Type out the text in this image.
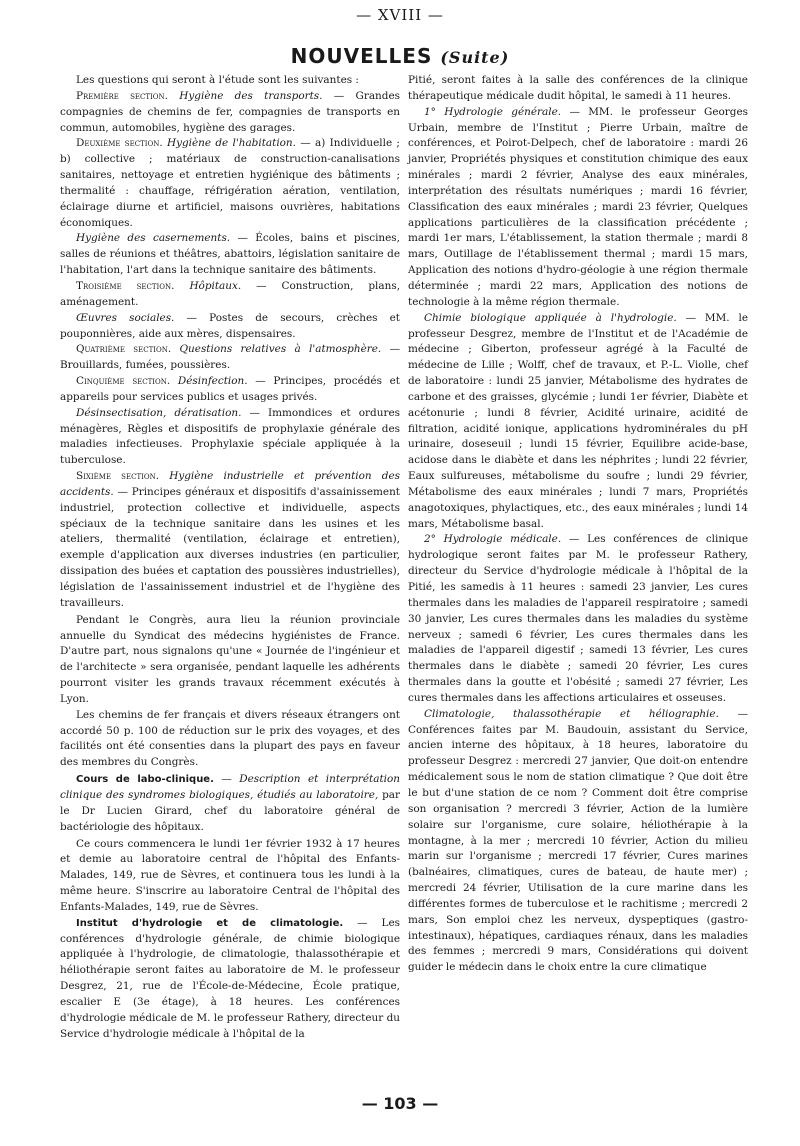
— XVIII —
NOUVELLES (Suite)

Les questions qui seront à l'étude sont les suivantes :

Première section. Hygiène des transports. — Grandes compagnies de chemins de fer, compagnies de transports en commun, automobiles, hygiène des garages.

Deuxième section. Hygiène de l'habitation. — a) Individuelle ; b) collective ; matériaux de construction-canalisations sanitaires, nettoyage et entretien hygiénique des bâtiments ; thermalité : chauffage, réfrigération aération, ventilation, éclairage diurne et artificiel, maisons ouvrières, habitations économiques.

Hygiène des casernements. — Écoles, bains et piscines, salles de réunions et théâtres, abattoirs, législation sanitaire de l'habitation, l'art dans la technique sanitaire des bâtiments.

Troisième section. Hôpitaux. — Construction, plans, aménagement.

Œuvres sociales. — Postes de secours, crèches et pouponnières, aide aux mères, dispensaires.

Quatrième section. Questions relatives à l'atmosphère. — Brouillards, fumées, poussières.

Cinquième section. Désinfection. — Principes, procédés et appareils pour services publics et usages privés.

Désinsectisation, dératisation. — Immondices et ordures ménagères, Règles et dispositifs de prophylaxie générale des maladies infectieuses. Prophylaxie spéciale appliquée à la tuberculose.

Sixième section. Hygiène industrielle et prévention des accidents. — Principes généraux et dispositifs d'assainissement industriel, protection collective et individuelle, aspects spéciaux de la technique sanitaire dans les usines et les ateliers, thermalité (ventilation, éclairage et entretien), exemple d'application aux diverses industries (en particulier, dissipation des buées et captation des poussières industrielles), législation de l'assainissement industriel et de l'hygiène des travailleurs.

Pendant le Congrès, aura lieu la réunion provinciale annuelle du Syndicat des médecins hygiénistes de France. D'autre part, nous signalons qu'une « Journée de l'ingénieur et de l'architecte » sera organisée, pendant laquelle les adhérents pourront visiter les grands travaux récemment exécutés à Lyon.

Les chemins de fer français et divers réseaux étrangers ont accordé 50 p. 100 de réduction sur le prix des voyages, et des facilités ont été consenties dans la plupart des pays en faveur des membres du Congrès.

Cours de labo-clinique. — Description et interprétation clinique des syndromes biologiques, étudiés au laboratoire, par le Dr Lucien Girard, chef du laboratoire général de bactériologie des hôpitaux.

Ce cours commencera le lundi 1er février 1932 à 17 heures et demie au laboratoire central de l'hôpital des Enfants-Malades, 149, rue de Sèvres, et continuera tous les lundi à la même heure. S'inscrire au laboratoire Central de l'hôpital des Enfants-Malades, 149, rue de Sèvres.

Institut d'hydrologie et de climatologie. — Les conférences d'hydrologie générale, de chimie biologique appliquée à l'hydrologie, de climatologie, thalassothérapie et héliothérapie seront faites au laboratoire de M. le professeur Desgrez, 21, rue de l'École-de-Médecine, École pratique, escalier E (3e étage), à 18 heures. Les conférences d'hydrologie médicale de M. le professeur Rathery, directeur du Service d'hydrologie médicale à l'hôpital de la

Pitié, seront faites à la salle des conférences de la clinique thérapeutique médicale dudit hôpital, le samedi à 11 heures.

1° Hydrologie générale. — MM. le professeur Georges Urbain, membre de l'Institut ; Pierre Urbain, maître de conférences, et Poirot-Delpech, chef de laboratoire : mardi 26 janvier, Propriétés physiques et constitution chimique des eaux minérales ; mardi 2 février, Analyse des eaux minérales, interprétation des résultats numériques ; mardi 16 février, Classification des eaux minérales ; mardi 23 février, Quelques applications particulières de la classification précédente ; mardi 1er mars, L'établissement, la station thermale ; mardi 8 mars, Outillage de l'établissement thermal ; mardi 15 mars, Application des notions d'hydro-géologie à une région thermale déterminée ; mardi 22 mars, Application des notions de technologie à la même région thermale.

Chimie biologique appliquée à l'hydrologie. — MM. le professeur Desgrez, membre de l'Institut et de l'Académie de médecine ; Giberton, professeur agrégé à la Faculté de médecine de Lille ; Wolff, chef de travaux, et P.-L. Violle, chef de laboratoire : lundi 25 janvier, Métabolisme des hydrates de carbone et des graisses, glycémie ; lundi 1er février, Diabète et acétonurie ; lundi 8 février, Acidité urinaire, acidité de filtration, acidité ionique, applications hydrominérales du pH urinaire, doseseuil ; lundi 15 février, Equilibre acide-base, acidose dans le diabète et dans les néphrites ; lundi 22 février, Eaux sulfureuses, métabolisme du soufre ; lundi 29 février, Métabolisme des eaux minérales ; lundi 7 mars, Propriétés anagotoxiques, phylactiques, etc., des eaux minérales ; lundi 14 mars, Métabolisme basal.

2° Hydrologie médicale. — Les conférences de clinique hydrologique seront faites par M. le professeur Rathery, directeur du Service d'hydrologie médicale à l'hôpital de la Pitié, les samedis à 11 heures : samedi 23 janvier, Les cures thermales dans les maladies de l'appareil respiratoire ; samedi 30 janvier, Les cures thermales dans les maladies du système nerveux ; samedi 6 février, Les cures thermales dans les maladies de l'appareil digestif ; samedi 13 février, Les cures thermales dans le diabète ; samedi 20 février, Les cures thermales dans la goutte et l'obésité ; samedi 27 février, Les cures thermales dans les affections articulaires et osseuses.

Climatologie, thalassothérapie et héliographie. — Conférences faites par M. Baudouin, assistant du Service, ancien interne des hôpitaux, à 18 heures, laboratoire du professeur Desgrez : mercredi 27 janvier, Que doit-on entendre médicalement sous le nom de station climatique ? Que doit être le but d'une station de ce nom ? Comment doit être comprise son organisation ? mercredi 3 février, Action de la lumière solaire sur l'organisme, cure solaire, héliothérapie à la montagne, à la mer ; mercredi 10 février, Action du milieu marin sur l'organisme ; mercredi 17 février, Cures marines (balnéaires, climatiques, cures de bateau, de haute mer) ; mercredi 24 février, Utilisation de la cure marine dans les différentes formes de tuberculose et le rachitisme ; mercredi 2 mars, Son emploi chez les nerveux, dyspeptiques (gastro-intestinaux), hépatiques, cardiaques rénaux, dans les maladies des femmes ; mercredi 9 mars, Considérations qui doivent guider le médecin dans le choix entre la cure climatique

— 103 —
